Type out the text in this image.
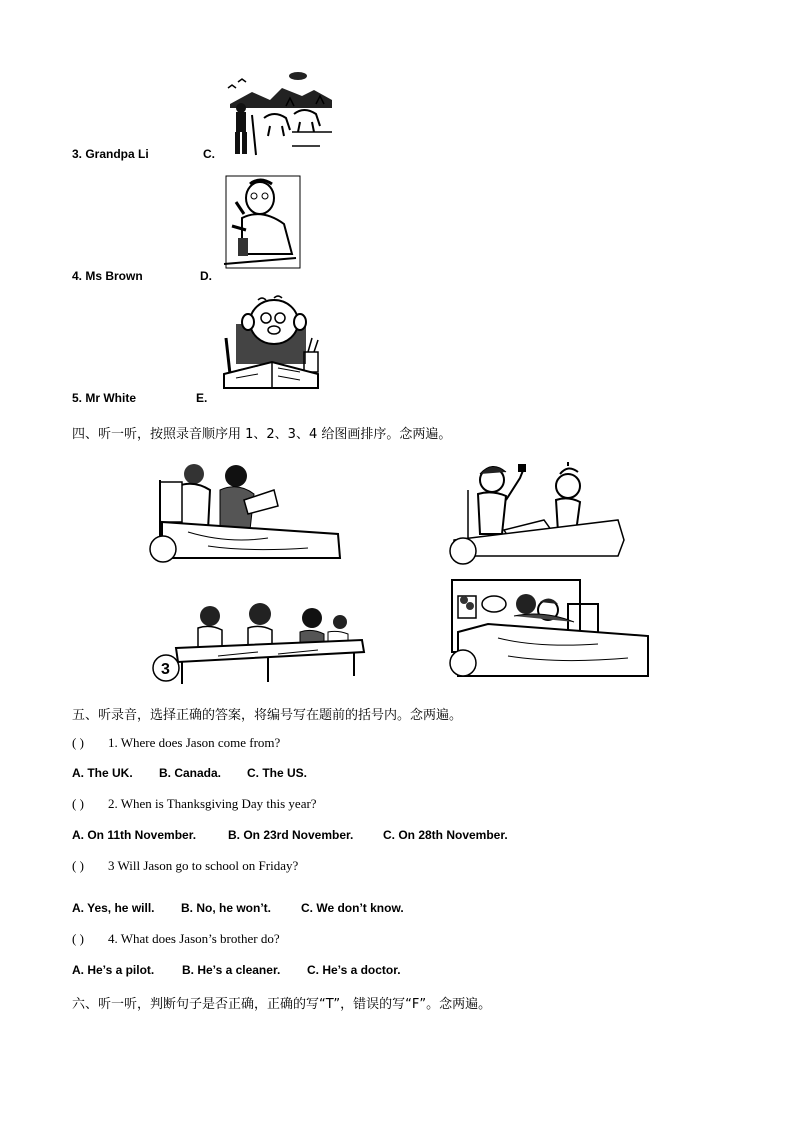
3. Grandpa Li	C.
4. Ms Brown	D.
5. Mr White	E.
四、听一听，按照录音顺序用 1、2、3、4 给图画排序。念两遍。
3
五、听录音，选择正确的答案，将编号写在题前的括号内。念两遍。
( ) 1. Where does Jason come from?
A. The UK. B. Canada. C. The US.
( ) 2. When is Thanksgiving Day this year?
A. On 11th November.	B. On 23rd November. C. On 28th November.
( ) 3 Will Jason go to school on Friday?
A. Yes, he will. B. No, he won’t.	C. We don’t know.
( ) 4. What does Jason’s brother do?
A. He’s a pilot. B. He’s a cleaner. C. He’s a doctor.
六、听一听，判断句子是否正确，正确的写“T”，错误的写“F”。念两遍。
